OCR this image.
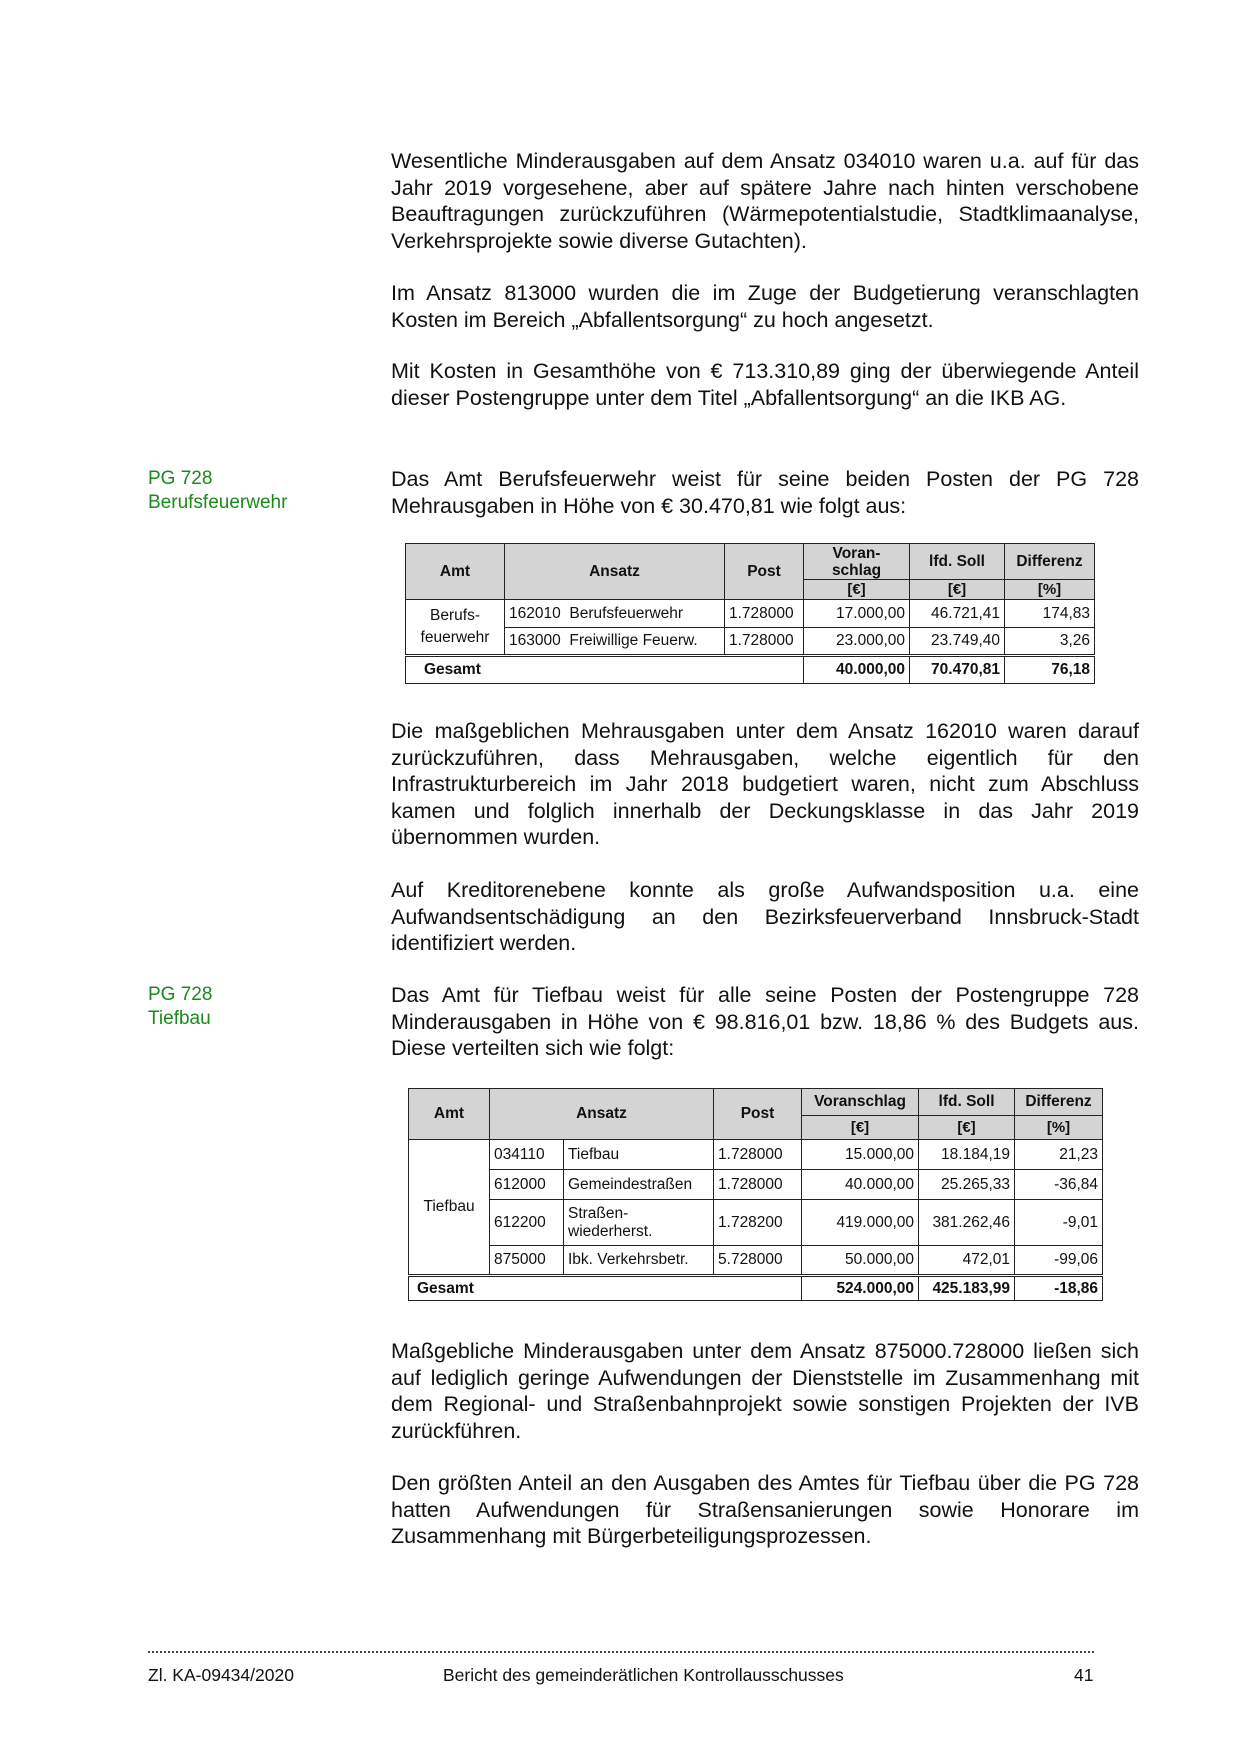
Wesentliche Minderausgaben auf dem Ansatz 034010 waren u.a. auf für das Jahr 2019 vorgesehene, aber auf spätere Jahre nach hinten verschobene Beauftragungen zurückzuführen (Wärmepotentialstudie, Stadtklimaanalyse, Verkehrsprojekte sowie diverse Gutachten).

Im Ansatz 813000 wurden die im Zuge der Budgetierung veranschlagten Kosten im Bereich „Abfallentsorgung“ zu hoch angesetzt.

Mit Kosten in Gesamthöhe von € 713.310,89 ging der überwiegende Anteil dieser Postengruppe unter dem Titel „Abfallentsorgung“ an die IKB AG.

Das Amt Berufsfeuerwehr weist für seine beiden Posten der PG 728 Mehrausgaben in Höhe von € 30.470,81 wie folgt aus:

PG 728
Berufsfeuerwehr
Amt	Ansatz	Post	Voran-
schlag	lfd. Soll	Differenz
			[€]	[€]	[%]

Berufs-
feuerwehr	162010 Berufsfeuerwehr	1.728000	17.000,00	46.721,41	174,83
	163000 Freiwillige Feuerw.	1.728000	23.000,00	23.749,40	3,26
Gesamt			40.000,00	70.470,81	76,18

Die maßgeblichen Mehrausgaben unter dem Ansatz 162010 waren darauf zurückzuführen, dass Mehrausgaben, welche eigentlich für den Infrastrukturbereich im Jahr 2018 budgetiert waren, nicht zum Abschluss kamen und folglich innerhalb der Deckungsklasse in das Jahr 2019 übernommen wurden.

Auf Kreditorenebene konnte als große Aufwandsposition u.a. eine Aufwandsentschädigung an den Bezirksfeuerverband Innsbruck-Stadt identifiziert werden.

PG 728
Tiefbau

Das Amt für Tiefbau weist für alle seine Posten der Postengruppe 728 Minderausgaben in Höhe von € 98.816,01 bzw. 18,86 % des Budgets aus. Diese verteilten sich wie folgt:

Amt	Ansatz		Post	Voranschlag	lfd. Soll	Differenz
				[€]	[€]	[%]
Tiefbau	034110	Tiefbau	1.728000	15.000,00	18.184,19	21,23
	612000	Gemeindestraßen	1.728000	40.000,00	25.265,33	-36,84
	612200	Straßen-
wiederherst.	1.728200	419.000,00	381.262,46	-9,01
	875000	Ibk. Verkehrsbetr.	5.728000	50.000,00	472,01	-99,06
Gesamt				524.000,00	425.183,99	-18,86

Maßgebliche Minderausgaben unter dem Ansatz 875000.728000 ließen sich auf lediglich geringe Aufwendungen der Dienststelle im Zusammenhang mit dem Regional- und Straßenbahnprojekt sowie sonstigen Projekten der IVB zurückführen.

Den größten Anteil an den Ausgaben des Amtes für Tiefbau über die PG 728 hatten Aufwendungen für Straßensanierungen sowie Honorare im Zusammenhang mit Bürgerbeteiligungsprozessen.

Zl. KA-09434/2020	Bericht des gemeinderätlichen Kontrollausschusses	41
